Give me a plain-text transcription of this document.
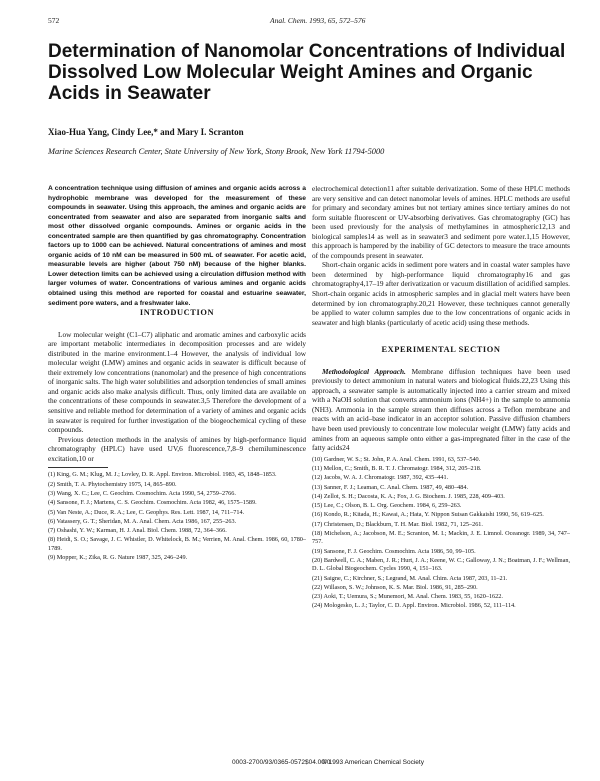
572	Anal. Chem. 1993, 65, 572–576
Determination of Nanomolar Concentrations of Individual Dissolved Low Molecular Weight Amines and Organic Acids in Seawater
Xiao-Hua Yang, Cindy Lee,* and Mary I. Scranton
Marine Sciences Research Center, State University of New York, Stony Brook, New York 11794-5000

A concentration technique using diffusion of amines and organic acids across a hydrophobic membrane was developed for the measurement of these compounds in seawater. Using this approach, the amines and organic acids are concentrated from seawater and also are separated from inorganic salts and most other dissolved organic compounds. Amines or organic acids in the concentrated sample are then quantified by gas chromatography. Concentration factors up to 1000 can be achieved. Natural concentrations of amines and most organic acids of 10 nM can be measured in 500 mL of seawater. For acetic acid, measurable levels are higher (about 750 nM) because of the higher blanks. Lower detection limits can be achieved using a circulation diffusion method with larger volumes of water. Concentrations of various amines and organic acids obtained using this method are reported for coastal and estuarine seawater, sediment pore waters, and a freshwater lake.

INTRODUCTION

Low molecular weight (C1–C7) aliphatic and aromatic amines and carboxylic acids are important metabolic intermediates in decomposition processes and are widely distributed in the marine environment.1–4 However, the analysis of individual low molecular weight (LMW) amines and organic acids in seawater is difficult because of their extremely low concentrations (nanomolar) and the presence of high concentrations of inorganic salts. The high water solubilities and adsorption tendencies of small amines and organic acids also make analysis difficult. Thus, only limited data are available on the concentrations of these compounds in seawater.3,5 Therefore the development of a sensitive and reliable method for determination of a variety of amines and organic acids in seawater is required for further investigation of the biogeochemical cycling of these compounds.

Previous detection methods in the analysis of amines by high-performance liquid chromatography (HPLC) have used UV,6 fluorescence,7,8–9 chemiluminescence excitation,10 or

(1) King, G. M.; Klug, M. J.; Lovley, D. R. Appl. Environ. Microbiol. 1983, 45, 1848–1853.
(2) Smith, T. A. Phytochemistry 1975, 14, 865–890.
(3) Wang, X. C.; Lee, C. Geochim. Cosmochim. Acta 1990, 54, 2759–2766.
(4) Sansone, F. J.; Martens, C. S. Geochim. Cosmochim. Acta 1982, 46, 1575–1589.
(5) Van Neste, A.; Duce, R. A.; Lee, C. Geophys. Res. Lett. 1987, 14, 711–714.
(6) Vatassery, G. T.; Sheridan, M. A. Anal. Chem. Acta 1986, 167, 255–263.
(7) Oshashi, Y. W.; Karman, H. J. Anal. Biol. Chem. 1988, 72, 364–366.
(8) Heidi, S. O.; Savage, J. C. Whistler, D. Whitelock, B. M.; Verrien, M. Anal. Chem. 1986, 60, 1780–1789.
(9) Mopper, K.; Zika, R. G. Nature 1987, 325, 246–249.

electrochemical detection11 after suitable derivatization. Some of these HPLC methods are very sensitive and can detect nanomolar levels of amines. HPLC methods are useful for primary and secondary amines but not tertiary amines since tertiary amines do not form suitable fluorescent or UV-absorbing derivatives. Gas chromatography (GC) has been used previously for the analysis of methylamines in atmospheric12,13 and biological samples14 as well as in seawater3 and sediment pore water.1,15 However, this approach is hampered by the inability of GC detectors to measure the trace amounts of the compounds present in seawater.

Short-chain organic acids in sediment pore waters and in coastal water samples have been determined by high-performance liquid chromatography16 and gas chromatography4,17–19 after derivatization or vacuum distillation of acidified samples. Short-chain organic acids in atmospheric samples and in glacial melt waters have been determined by ion chromatography.20,21 However, these techniques cannot generally be applied to water column samples due to the low concentrations of organic acids in seawater and high blanks (particularly of acetic acid) using these methods.

EXPERIMENTAL SECTION

Methodological Approach. Membrane diffusion techniques have been used previously to detect ammonium in natural waters and biological fluids.22,23 Using this approach, a seawater sample is automatically injected into a carrier stream and mixed with a NaOH solution that converts ammonium ions (NH4+) in the sample to ammonia (NH3). Ammonia in the sample stream then diffuses across a Teflon membrane and reacts with an acid–base indicator in an acceptor solution. Passive diffusion chambers have been used previously to concentrate low molecular weight (LMW) fatty acids and amines from an aqueous sample onto either a gas-impregnated filter in the case of the fatty acids24

(10) Gardner, W. S.; St. John, P. A. Anal. Chem. 1991, 63, 537–540.
(11) Mellon, C.; Smith, B. R. T. J. Chromatogr. 1984, 312, 205–218.
(12) Jacobs, W. A. J. Chromatogr. 1987, 392, 435–441.
(13) Sanner, F. J.; Leaman, C. Anal. Chem. 1987, 49, 480–484.
(14) Zellot, S. H.; Dacosta, K. A.; Fox, J. G. Biochem. J. 1985, 228, 409–403.
(15) Lee, C.; Olson, B. L. Org. Geochem. 1984, 6, 259–263.
(16) Kondo, R.; Kitada, H.; Kawai, A.; Hata, Y. Nippon Suisan Gakkaishi 1990, 56, 619–625.
(17) Christensen, D.; Blackburn, T. H. Mar. Biol. 1982, 71, 125–261.
(18) Michelson, A.; Jacobson, M. E.; Scranton, M. I.; Mackin, J. E. Limnol. Oceanogr. 1989, 34, 747–757.
(19) Sansone, F. J. Geochim. Cosmochim. Acta 1986, 50, 99–105.
(20) Bardwell, C. A.; Maben, J. R.; Hurt, J. A.; Keene, W. C.; Galloway, J. N.; Boatman, J. F.; Wellman, D. L. Global Biogeochem. Cycles 1990, 4, 151–163.
(21) Saigne, C.; Kirchner, S.; Legrand, M. Anal. Chim. Acta 1987, 203, 11–21.
(22) Willason, S. W.; Johnson, K. S. Mar. Biol. 1986, 91, 285–290.
(23) Aoki, T.; Uemura, S.; Munemori, M. Anal. Chem. 1983, 55, 1620–1622.
(24) Mologesko, L. J.; Taylor, C. D. Appl. Environ. Microbiol. 1986, 52, 111–114.
0003-2700/93/0365-0572$04.00/0
© 1993 American Chemical Society
